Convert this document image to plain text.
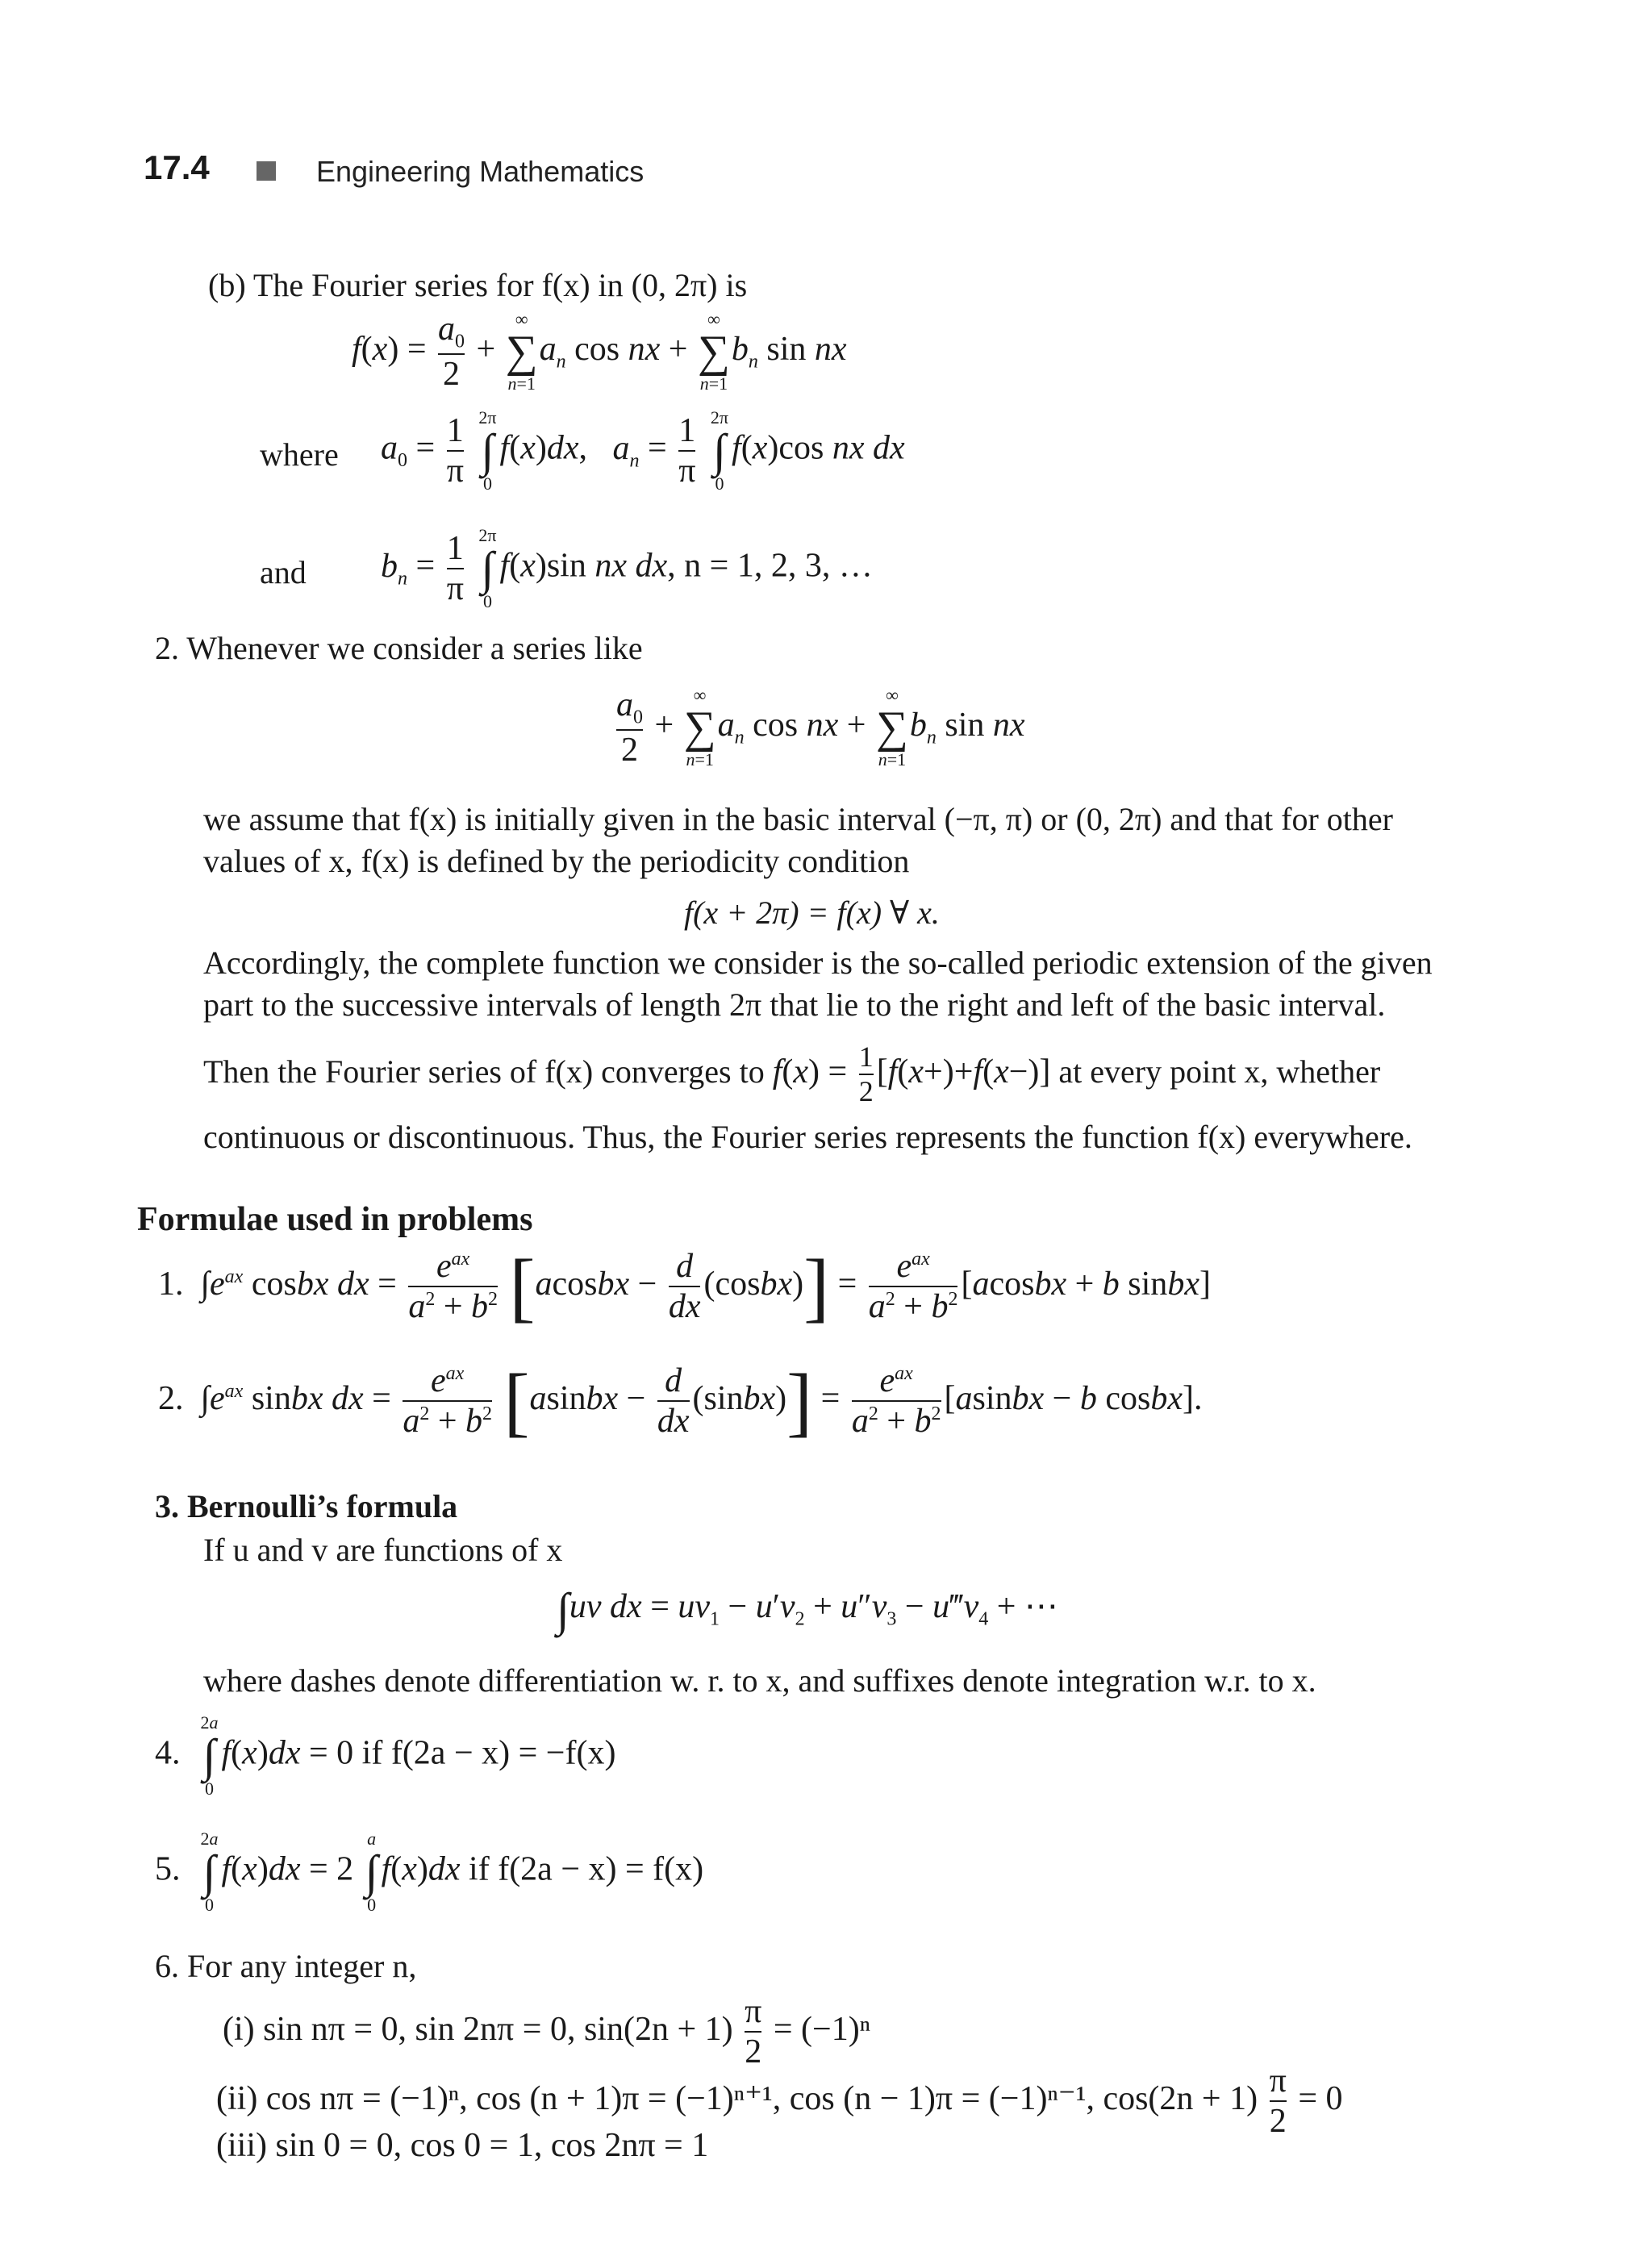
17.4	Engineering Mathematics
(b) The Fourier series for f(x) in (0, 2π) is
$f(x) = \frac{a_0}{2}$ +
∞
∑
n=1
$a_n$ cos nx +
∞
∑
n=1
$b_n$ sin nx
where $a_0 = \frac{1}{\pi}$
2π
∫
0
f(x)dx,   $a_n = \frac{1}{\pi}$
2π
∫
0
f(x)cos nx dx
and $b_n = \frac{1}{\pi}$
2π
∫
0
f(x)sin nx dx, n = 1, 2, 3, …
2. Whenever we consider a series like
$\frac{a_0}{2}$ +
∞
∑
n=1
$a_n$ cos nx +
∞
∑
n=1
$b_n$ sin nx
we assume that f(x) is initially given in the basic interval (−π, π) or (0, 2π) and that for other
values of x, f(x) is defined by the periodicity condition
f(x + 2π) = f(x) ∀ x.
Accordingly, the complete function we consider is the so-called periodic extension of the given
part to the successive intervals of length 2π that lie to the right and left of the basic interval.
Then the Fourier series of f(x) converges to $f(x) = \frac{1}{2} [f(x+)+f(x-)]$ at every point x, whether
continuous or discontinuous. Thus, the Fourier series represents the function f(x) everywhere.
Formulae used in problems
1.  $\int e^{ax}$ cosbx dx = $\frac{e^{ax}}{a^2 + b^2}$ [acosbx − $\frac{d}{dx}$ (cosbx)] = $\frac{e^{ax}}{a^2 + b^2}$ [acosbx + b sinbx]
2.  $\int e^{ax}$ sinbx dx = $\frac{e^{ax}}{a^2 + b^2}$ [asinbx − $\frac{d}{dx}$ (sinbx)] = $\frac{e^{ax}}{a^2 + b^2}$ [asinbx − b cosbx].
3. Bernoulli’s formula
If u and v are functions of x
∫uv dx = $uv_1 - u'v_2 + u''v_3$ − $u‴v_4$ + ⋯
where dashes denote differentiation w. r. to x, and suffixes denote integration w.r. to x.
4.
2a
∫
0
f(x)dx = 0 if f(2a − x) = −f(x)
5.
2a
∫
0
f(x)dx = 2
a
∫
0
f(x)dx if f(2a − x) = f(x)
6. For any integer n,
(i) sin nπ = 0, sin 2nπ = 0, $\sin(2n + 1) \frac{\pi}{2} = (-1)^n$
(ii) cos nπ = (−1)ⁿ, cos (n + 1)π = (−1)ⁿ⁺¹, cos (n − 1)π = (−1)ⁿ⁻¹, $\cos(2n + 1) \frac{\pi}{2} = 0$
(iii) sin 0 = 0, cos 0 = 1, cos 2nπ = 1
